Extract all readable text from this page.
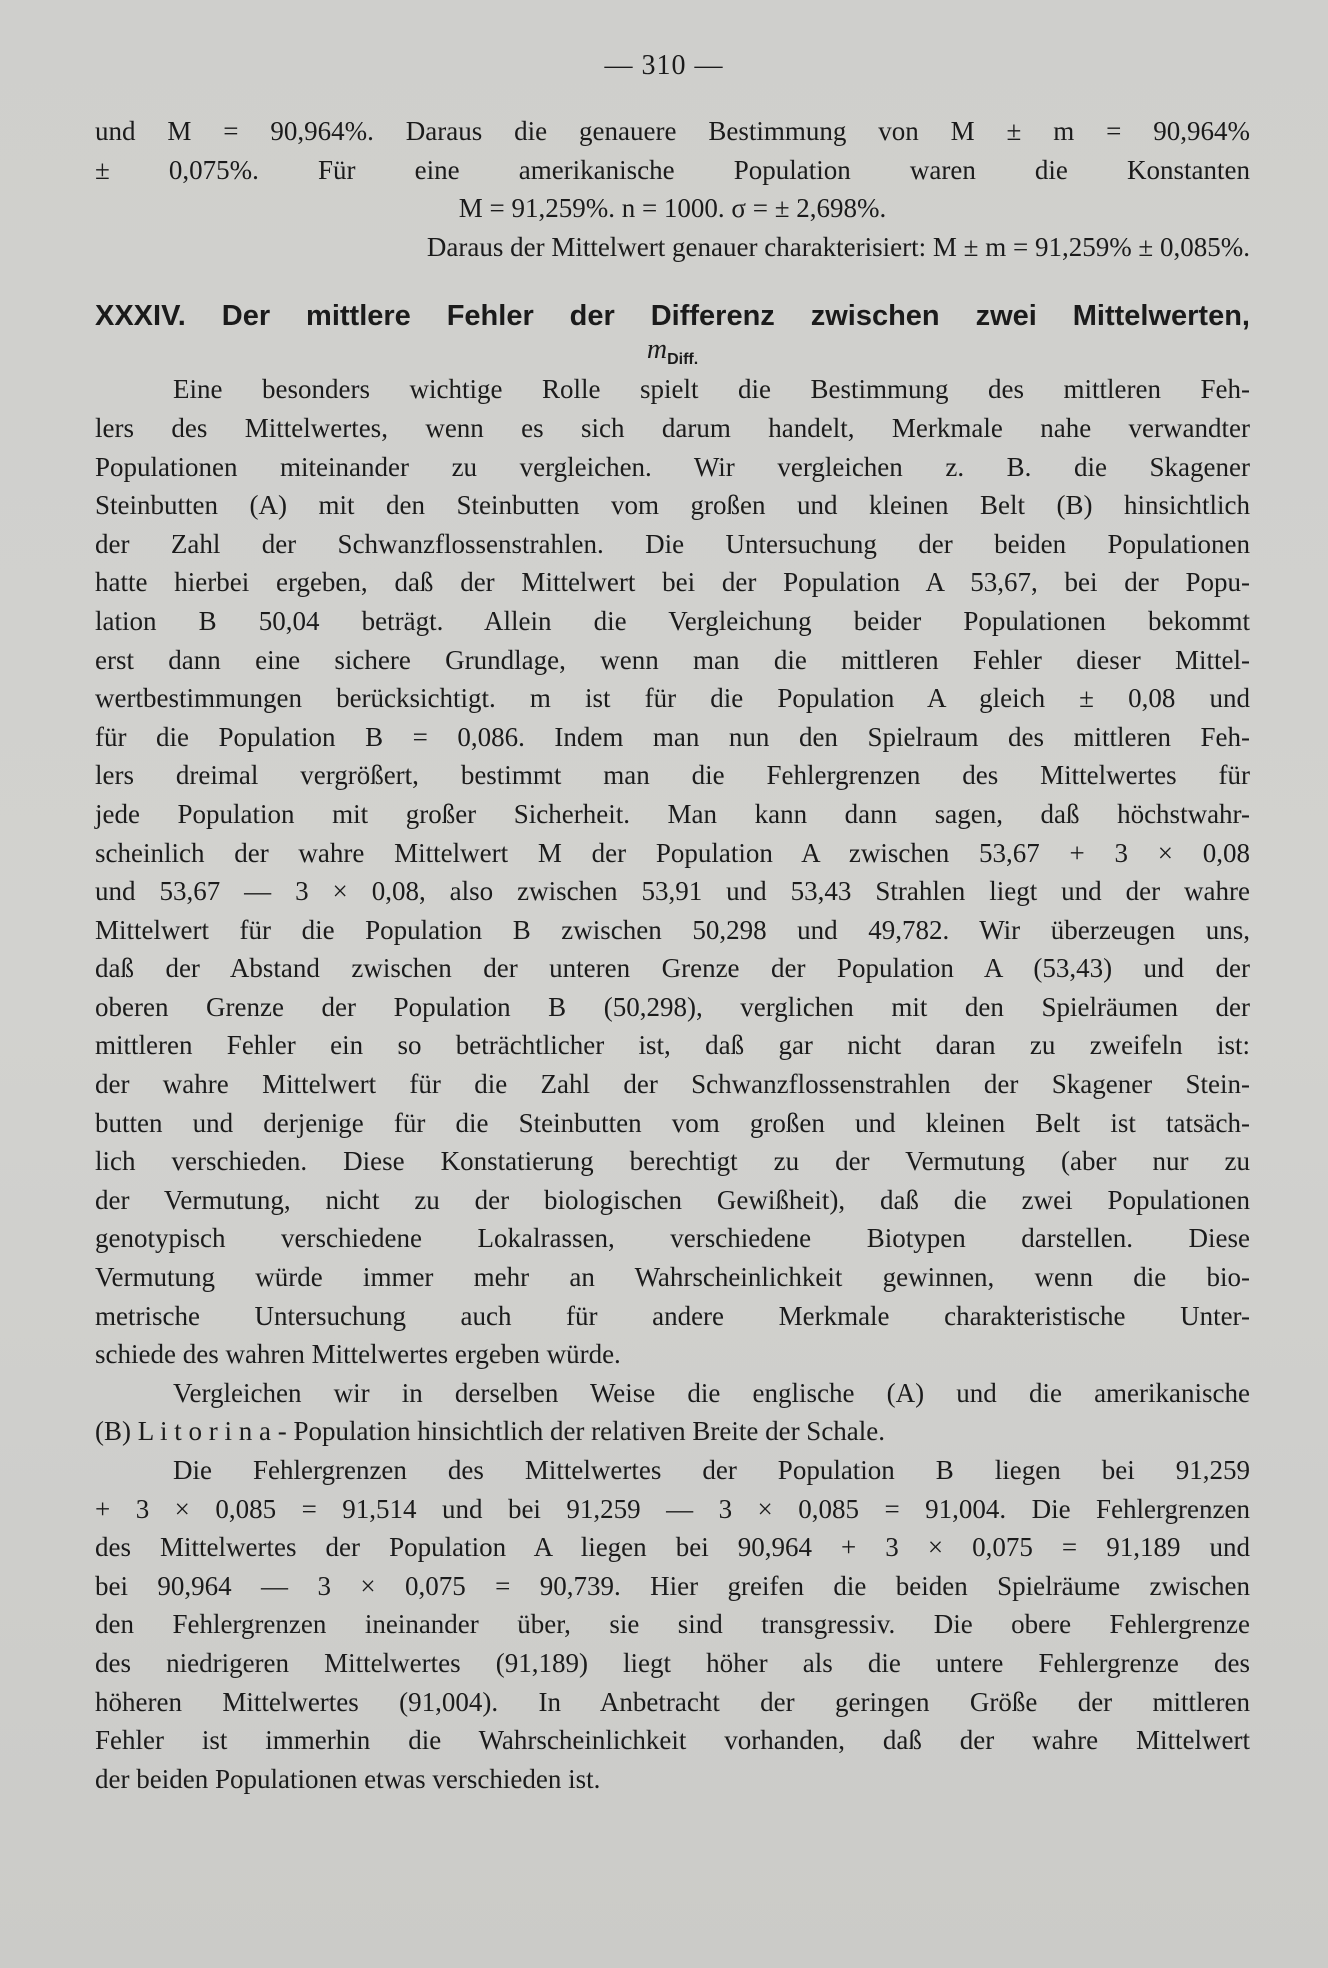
— 310 —
und M = 90,964%. Daraus die genauere Bestimmung von M ± m = 90,964%
± 0,075%. Für eine amerikanische Population waren die Konstanten
M = 91,259%. n = 1000. σ = ± 2,698%.
Daraus der Mittelwert genauer charakterisiert: M ± m = 91,259% ± 0,085%.
XXXIV. Der mittlere Fehler der Differenz zwischen zwei Mittelwerten,
$m_{Diff.}$
Eine besonders wichtige Rolle spielt die Bestimmung des mittleren Feh-
lers des Mittelwertes, wenn es sich darum handelt, Merkmale nahe verwandter
Populationen miteinander zu vergleichen. Wir vergleichen z. B. die Skagener
Steinbutten (A) mit den Steinbutten vom großen und kleinen Belt (B) hinsichtlich
der Zahl der Schwanzflossenstrahlen. Die Untersuchung der beiden Populationen
hatte hierbei ergeben, daß der Mittelwert bei der Population A 53,67, bei der Popu-
lation B 50,04 beträgt. Allein die Vergleichung beider Populationen bekommt
erst dann eine sichere Grundlage, wenn man die mittleren Fehler dieser Mittel-
wertbestimmungen berücksichtigt. m ist für die Population A gleich ± 0,08 und
für die Population B = 0,086. Indem man nun den Spielraum des mittleren Feh-
lers dreimal vergrößert, bestimmt man die Fehlergrenzen des Mittelwertes für
jede Population mit großer Sicherheit. Man kann dann sagen, daß höchstwahr-
scheinlich der wahre Mittelwert M der Population A zwischen 53,67 + 3 × 0,08
und 53,67 — 3 × 0,08, also zwischen 53,91 und 53,43 Strahlen liegt und der wahre
Mittelwert für die Population B zwischen 50,298 und 49,782. Wir überzeugen uns,
daß der Abstand zwischen der unteren Grenze der Population A (53,43) und der
oberen Grenze der Population B (50,298), verglichen mit den Spielräumen der
mittleren Fehler ein so beträchtlicher ist, daß gar nicht daran zu zweifeln ist:
der wahre Mittelwert für die Zahl der Schwanzflossenstrahlen der Skagener Stein-
butten und derjenige für die Steinbutten vom großen und kleinen Belt ist tatsäch-
lich verschieden. Diese Konstatierung berechtigt zu der Vermutung (aber nur zu
der Vermutung, nicht zu der biologischen Gewißheit), daß die zwei Populationen
genotypisch verschiedene Lokalrassen, verschiedene Biotypen darstellen. Diese
Vermutung würde immer mehr an Wahrscheinlichkeit gewinnen, wenn die bio-
metrische Untersuchung auch für andere Merkmale charakteristische Unter-
schiede des wahren Mittelwertes ergeben würde.
Vergleichen wir in derselben Weise die englische (A) und die amerikanische
(B) L i t o r i n a - Population hinsichtlich der relativen Breite der Schale.
Die Fehlergrenzen des Mittelwertes der Population B liegen bei 91,259
+ 3 × 0,085 = 91,514 und bei 91,259 — 3 × 0,085 = 91,004. Die Fehlergrenzen
des Mittelwertes der Population A liegen bei 90,964 + 3 × 0,075 = 91,189 und
bei 90,964 — 3 × 0,075 = 90,739. Hier greifen die beiden Spielräume zwischen
den Fehlergrenzen ineinander über, sie sind transgressiv. Die obere Fehlergrenze
des niedrigeren Mittelwertes (91,189) liegt höher als die untere Fehlergrenze des
höheren Mittelwertes (91,004). In Anbetracht der geringen Größe der mittleren
Fehler ist immerhin die Wahrscheinlichkeit vorhanden, daß der wahre Mittelwert
der beiden Populationen etwas verschieden ist.
